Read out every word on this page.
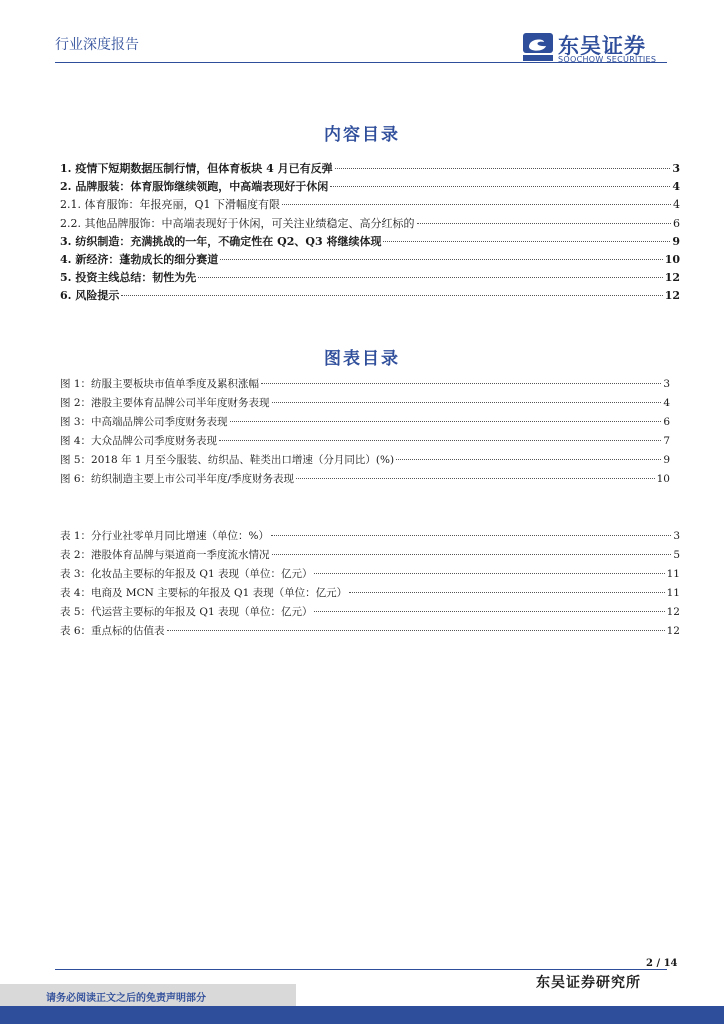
行业深度报告	东吴证券
SOOCHOW SECURITIES
内容目录
1. 疫情下短期数据压制行情，但体育板块 4 月已有反弹	3
2. 品牌服装：体育服饰继续领跑，中高端表现好于休闲	4
2.1. 体育服饰：年报亮丽，Q1 下滑幅度有限	4
2.2. 其他品牌服饰：中高端表现好于休闲，可关注业绩稳定、高分红标的	6
3. 纺织制造：充满挑战的一年，不确定性在 Q2、Q3 将继续体现	9
4. 新经济：蓬勃成长的细分赛道	10
5. 投资主线总结：韧性为先	12
6. 风险提示	12
图表目录
图 1：纺服主要板块市值单季度及累积涨幅	3
图 2：港股主要体育品牌公司半年度财务表现	4
图 3：中高端品牌公司季度财务表现	6
图 4：大众品牌公司季度财务表现	7
图 5：2018 年 1 月至今服装、纺织品、鞋类出口增速（分月同比）(%)	9
图 6：纺织制造主要上市公司半年度/季度财务表现	10
表 1：分行业社零单月同比增速（单位：%）	3
表 2：港股体育品牌与渠道商一季度流水情况	5
表 3：化妆品主要标的年报及 Q1 表现（单位：亿元）	11
表 4：电商及 MCN 主要标的年报及 Q1 表现（单位：亿元）	11
表 5：代运营主要标的年报及 Q1 表现（单位：亿元）	12
表 6：重点标的估值表	12
2 / 14
东吴证券研究所
请务必阅读正文之后的免责声明部分
